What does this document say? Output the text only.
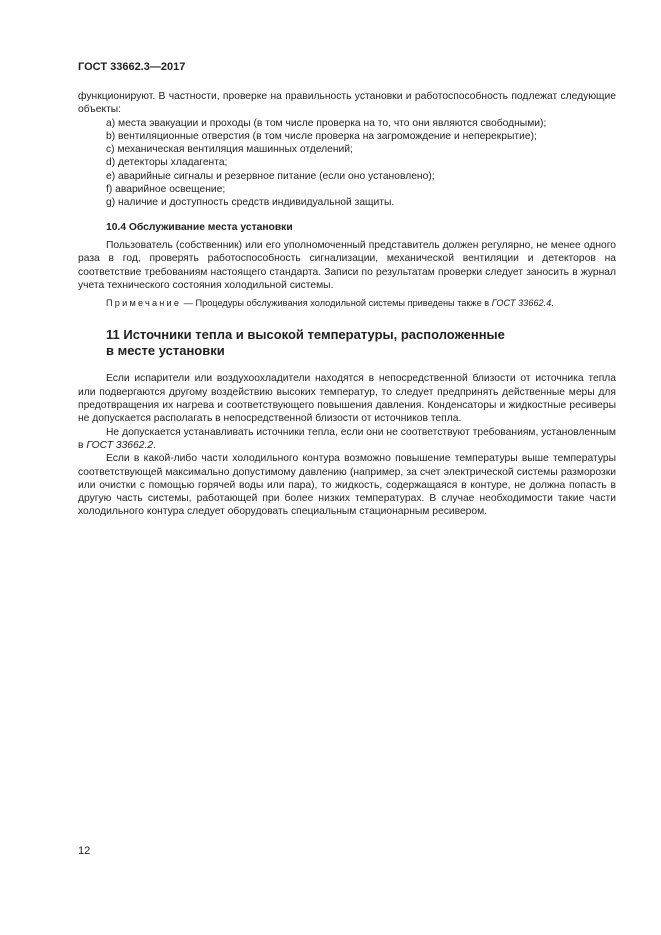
ГОСТ 33662.3—2017

функционируют. В частности, проверке на правильность установки и работоспособность подлежат следующие объекты:

a) места эвакуации и проходы (в том числе проверка на то, что они являются свободными);
b) вентиляционные отверстия (в том числе проверка на загромождение и неперекрытие);
c) механическая вентиляция машинных отделений;
d) детекторы хладагента;
e) аварийные сигналы и резервное питание (если оно установлено);
f) аварийное освещение;
g) наличие и доступность средств индивидуальной защиты.
10.4 Обслуживание места установки

Пользователь (собственник) или его уполномоченный представитель должен регулярно, не менее одного раза в год, проверять работоспособность сигнализации, механической вентиляции и детекторов на соответствие требованиям настоящего стандарта. Записи по результатам проверки следует заносить в журнал учета технического состояния холодильной системы.

Примечание — Процедуры обслуживания холодильной системы приведены также в ГОСТ 33662.4.

11 Источники тепла и высокой температуры, расположенные
в месте установки

Если испарители или воздухоохладители находятся в непосредственной близости от источника тепла или подвергаются другому воздействию высоких температур, то следует предпринять действенные меры для предотвращения их нагрева и соответствующего повышения давления. Конденсаторы и жидкостные ресиверы не допускается располагать в непосредственной близости от источников тепла.

Не допускается устанавливать источники тепла, если они не соответствуют требованиям, установленным в ГОСТ 33662.2.

Если в какой-либо части холодильного контура возможно повышение температуры выше температуры соответствующей максимально допустимому давлению (например, за счет электрической системы разморозки или очистки с помощью горячей воды или пара), то жидкость, содержащаяся в контуре, не должна попасть в другую часть системы, работающей при более низких температурах. В случае необходимости такие части холодильного контура следует оборудовать специальным стационарным ресивером.

12
